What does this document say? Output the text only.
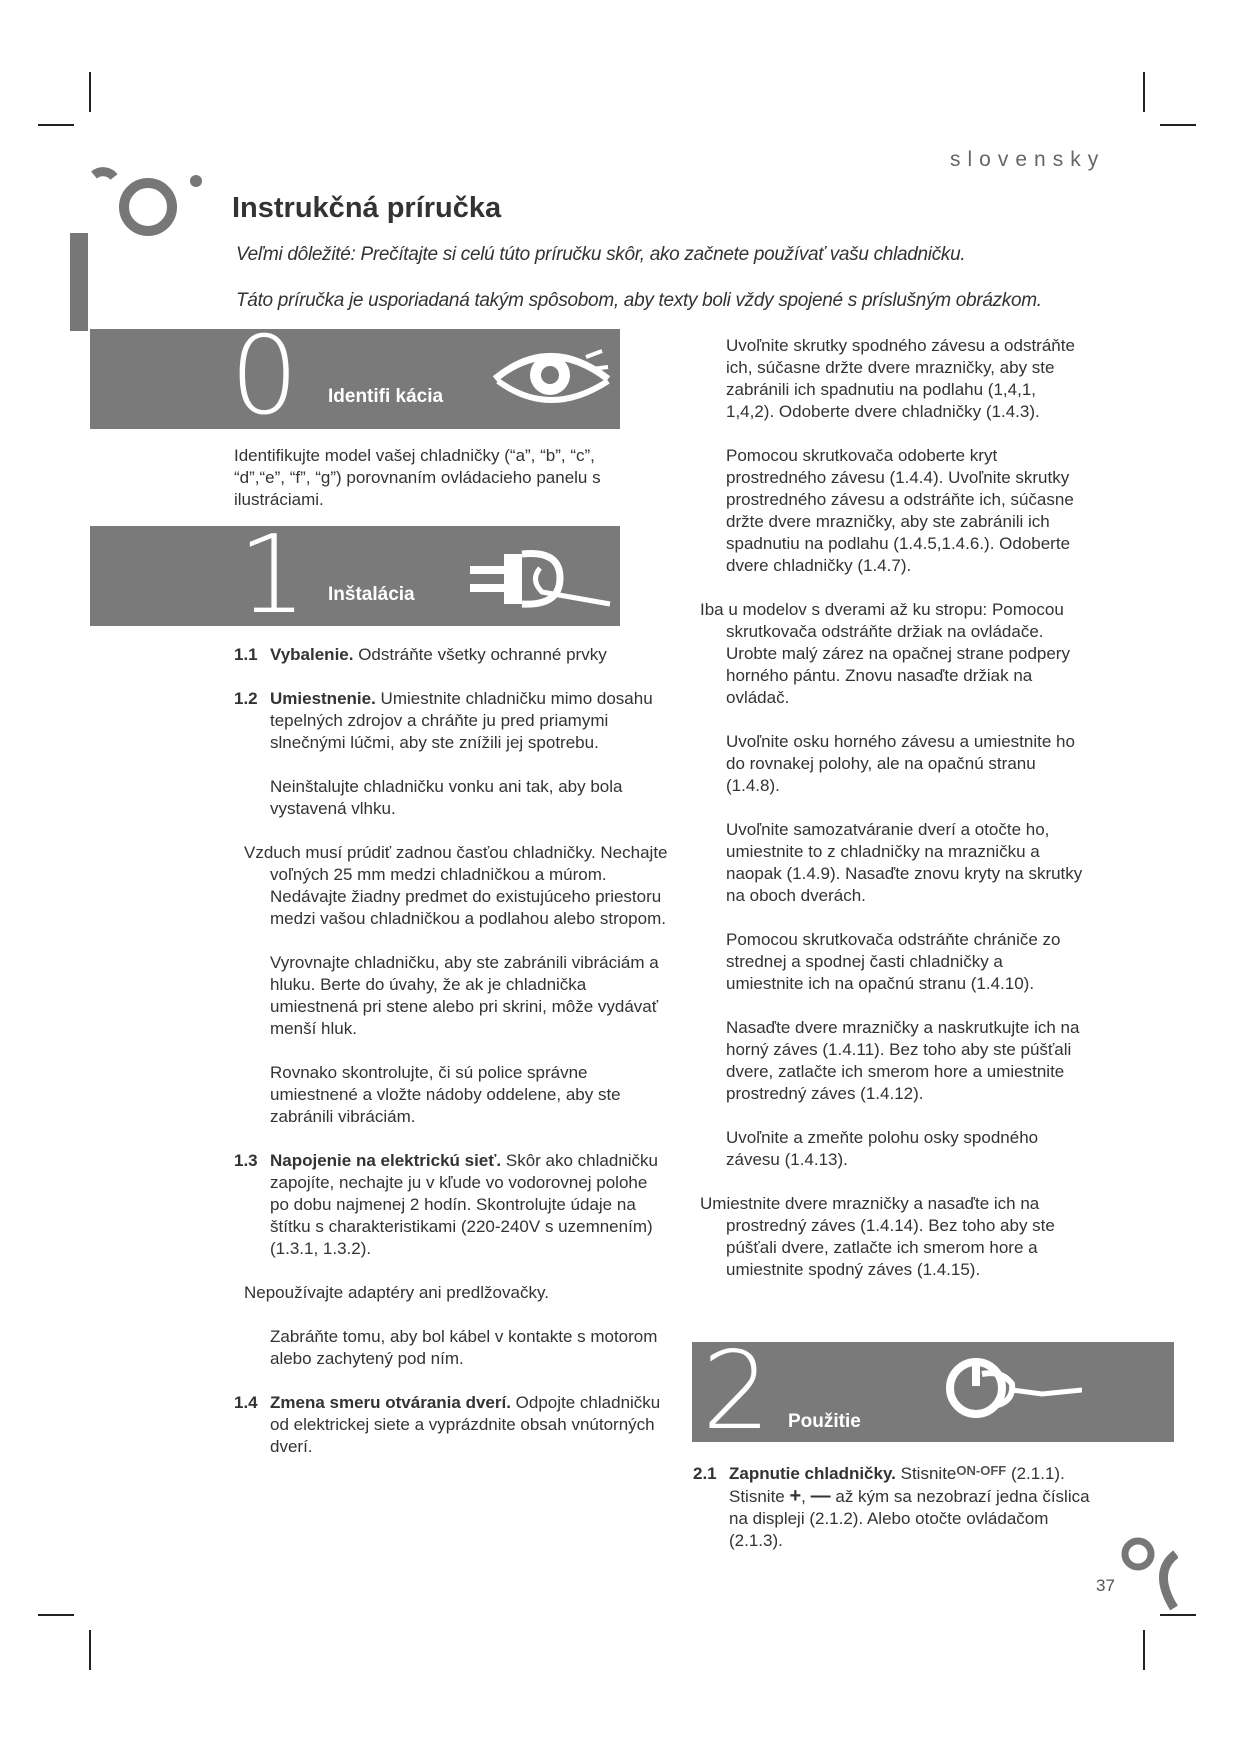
slovensky
Instrukčná príručka
Veľmi dôležité: Prečítajte si celú túto príručku skôr, ako začnete používať vašu chladničku.
Táto príručka je usporiadaná takým spôsobom, aby texty boli vždy spojené s príslušným obrázkom.
0 Identifi kácia
1 Inštalácia

Identifikujte model vašej chladničky (“a”, “b”, “c”, “d”,“e”, “f”, “g”) porovnaním ovládacieho panelu s ilustráciami.

1.1 Vybalenie. Odstráňte všetky ochranné prvky

1.2 Umiestnenie. Umiestnite chladničku mimo dosahu tepelných zdrojov a chráňte ju pred priamymi slnečnými lúčmi, aby ste znížili jej spotrebu.

Neinštalujte chladničku vonku ani tak, aby bola vystavená vlhku.

Vzduch musí prúdiť zadnou časťou chladničky. Nechajte voľných 25 mm medzi chladničkou a múrom. Nedávajte žiadny predmet do existujúceho priestoru medzi vašou chladničkou a podlahou alebo stropom.

Vyrovnajte chladničku, aby ste zabránili vibráciám a hluku. Berte do úvahy, že ak je chladnička umiestnená pri stene alebo pri skrini, môže vydávať menší hluk.

Rovnako skontrolujte, či sú police správne umiestnené a vložte nádoby oddelene, aby ste zabránili vibráciám.

1.3 Napojenie na elektrickú sieť. Skôr ako chladničku zapojíte, nechajte ju v kľude vo vodorovnej polohe po dobu najmenej 2 hodín. Skontrolujte údaje na štítku s charakteristikami (220-240V s uzemnením) (1.3.1, 1.3.2).

Nepoužívajte adaptéry ani predlžovačky.

Zabráňte tomu, aby bol kábel v kontakte s motorom alebo zachytený pod ním.

1.4 Zmena smeru otvárania dverí. Odpojte chladničku od elektrickej siete a vyprázdnite obsah vnútorných dverí.

Uvoľnite skrutky spodného závesu a odstráňte ich, súčasne držte dvere mrazničky, aby ste zabránili ich spadnutiu na podlahu (1,4,1, 1,4,2). Odoberte dvere chladničky (1.4.3).

Pomocou skrutkovača odoberte kryt prostredného závesu (1.4.4). Uvoľnite skrutky prostredného závesu a odstráňte ich, súčasne držte dvere mrazničky, aby ste zabránili ich spadnutiu na podlahu (1.4.5,1.4.6.). Odoberte dvere chladničky (1.4.7).

Iba u modelov s dverami až ku stropu: Pomocou skrutkovača odstráňte držiak na ovládače. Urobte malý zárez na opačnej strane podpery horného pántu. Znovu nasaďte držiak na ovládač.

Uvoľnite osku horného závesu a umiestnite ho do rovnakej polohy, ale na opačnú stranu (1.4.8).

Uvoľnite samozatváranie dverí a otočte ho, umiestnite to z chladničky na mrazničku a naopak (1.4.9). Nasaďte znovu kryty na skrutky na oboch dverách.

Pomocou skrutkovača odstráňte chrániče zo strednej a spodnej časti chladničky a umiestnite ich na opačnú stranu (1.4.10).

Nasaďte dvere mrazničky a naskrutkujte ich na horný záves (1.4.11). Bez toho aby ste púšťali dvere, zatlačte ich smerom hore a umiestnite prostredný záves (1.4.12).

Uvoľnite a zmeňte polohu osky spodného závesu (1.4.13).

Umiestnite dvere mrazničky a nasaďte ich na prostredný záves (1.4.14). Bez toho aby ste púšťali dvere, zatlačte ich smerom hore a umiestnite spodný záves (1.4.15).

2 Použitie

2.1 Zapnutie chladničky. Stisnite$^{ON-OFF}$ (2.1.1). Stisnite +, — až kým sa nezobrazí jedna číslica na displeji (2.1.2). Alebo otočte ovládačom (2.1.3).

37
